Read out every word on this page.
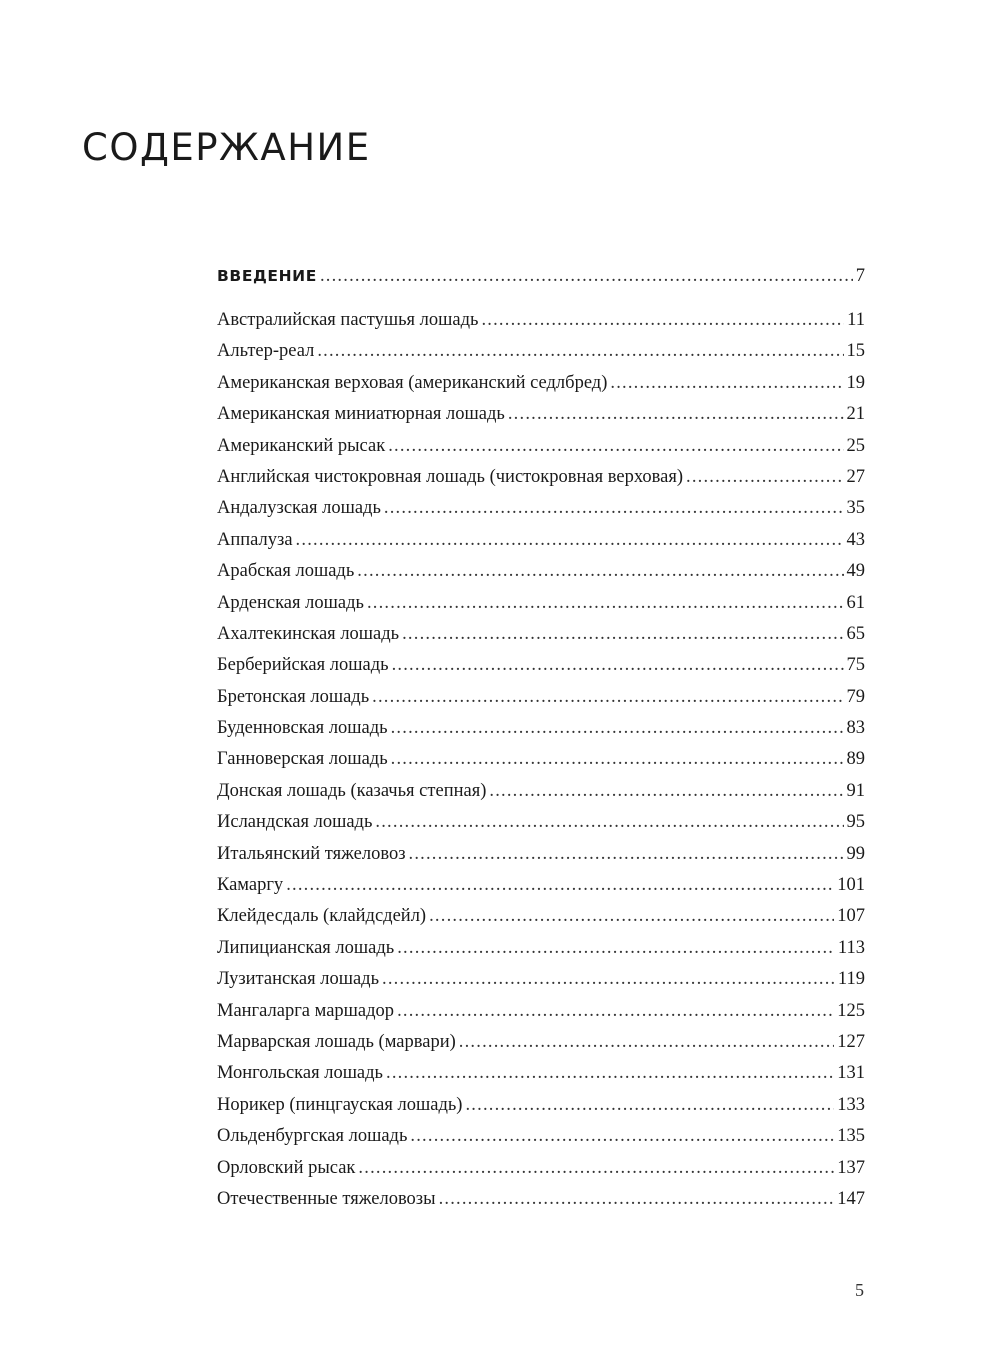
СОДЕРЖАНИЕ
ВВЕДЕНИЕ .....	7
Австралийская пастушья лошадь .....	11
Альтер-реал .....	15
Американская верховая (американский седлбред) .....	19
Американская миниатюрная лошадь .....	21
Американский рысак .....	25
Английская чистокровная лошадь (чистокровная верховая) .....	27
Андалузская лошадь .....	35
Аппалуза .....	43
Арабская лошадь .....	49
Арденская лошадь .....	61
Ахалтекинская лошадь .....	65
Берберийская лошадь .....	75
Бретонская лошадь .....	79
Буденновская лошадь .....	83
Ганноверская лошадь .....	89
Донская лошадь (казачья степная) .....	91
Исландская лошадь .....	95
Итальянский тяжеловоз .....	99
Камаргу .....	101
Клейдесдаль (клайдсдейл) .....	107
Липицианская лошадь .....	113
Лузитанская лошадь .....	119
Мангаларга маршадор .....	125
Марварская лошадь (марвари) .....	127
Монгольская лошадь .....	131
Норикер (пинцгауская лошадь) .....	133
Ольденбургская лошадь .....	135
Орловский рысак .....	137
Отечественные тяжеловозы .....	147
5
